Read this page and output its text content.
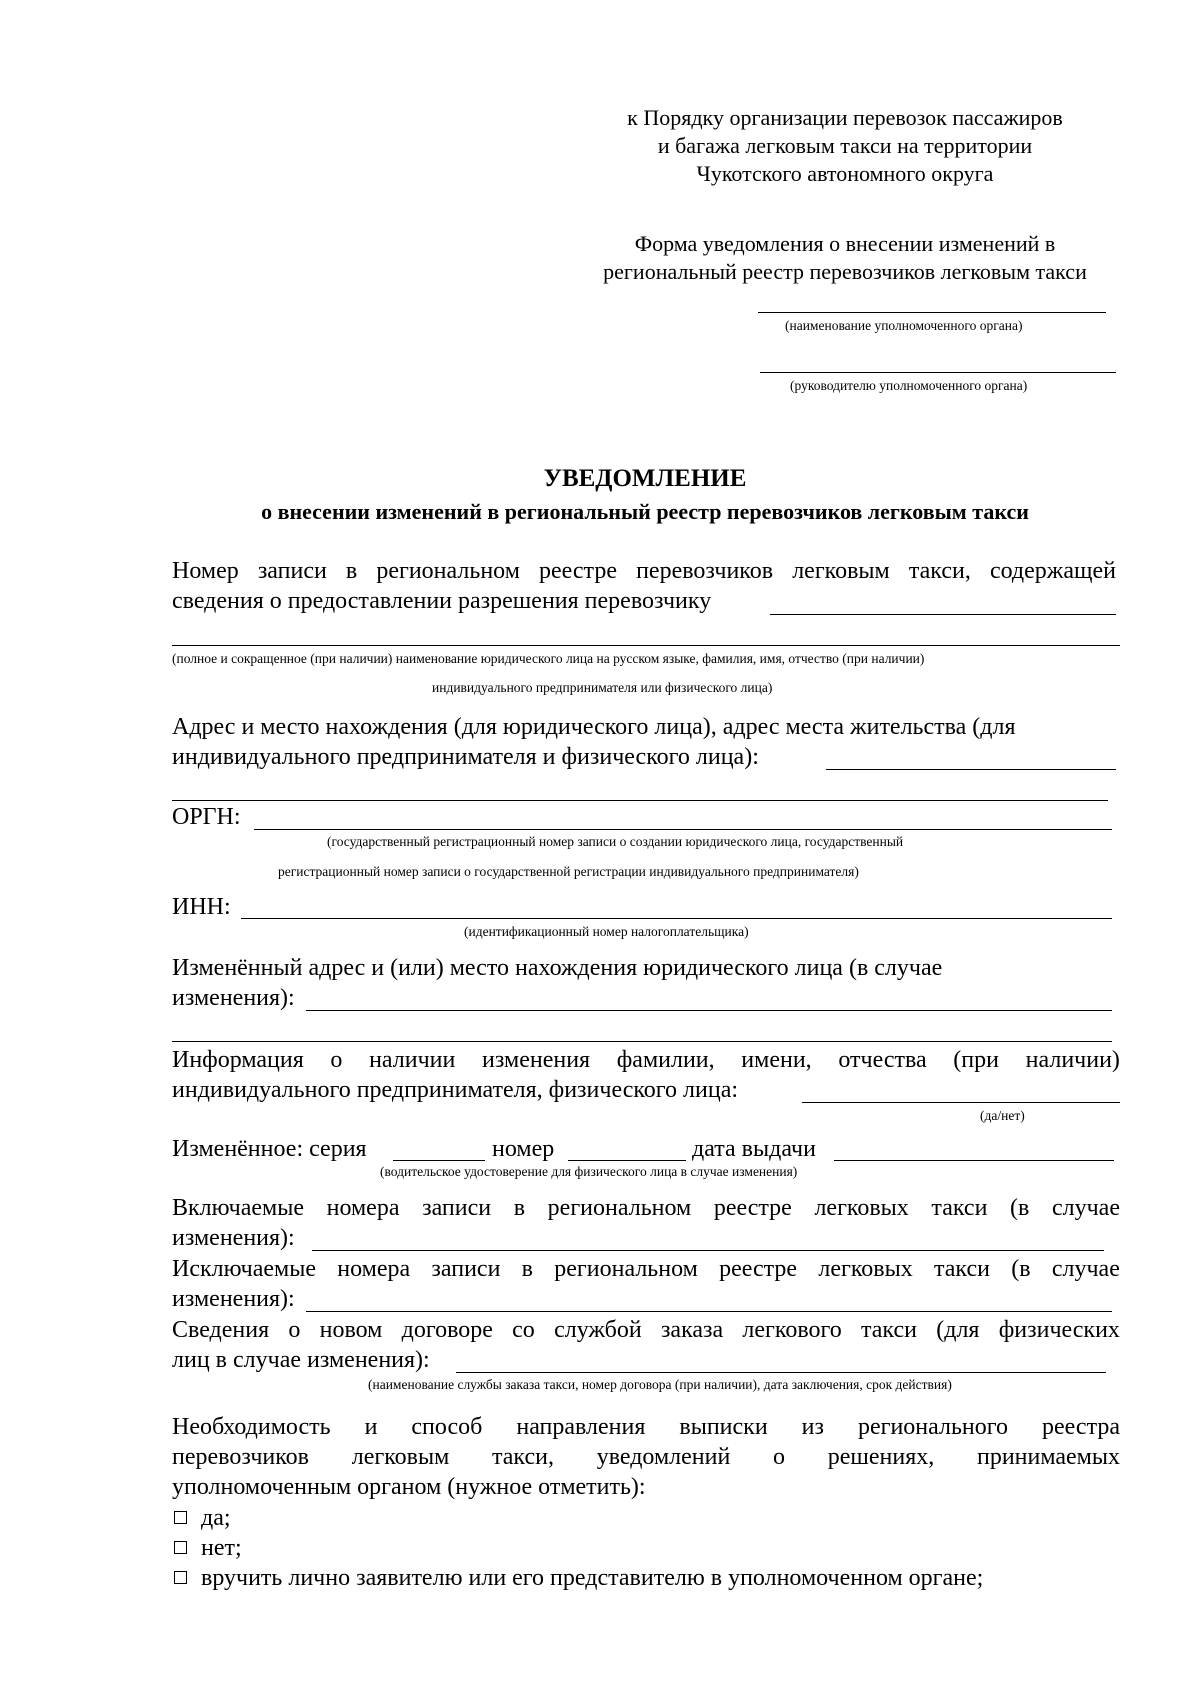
к Порядку организации перевозок пассажиров
и багажа легковым такси на территории
Чукотского автономного округа
Форма уведомления о внесении изменений в
региональный реестр перевозчиков легковым такси
(наименование уполномоченного органа)
(руководителю уполномоченного органа)
УВЕДОМЛЕНИЕ
о внесении изменений в региональный реестр перевозчиков легковым такси
Номер записи в региональном реестре перевозчиков легковым такси, содержащей
сведения о предоставлении разрешения перевозчику
(полное и сокращенное (при наличии) наименование юридического лица на русском языке, фамилия, имя, отчество (при наличии)
индивидуального предпринимателя или физического лица)
Адрес и место нахождения (для юридического лица), адрес места жительства (для
индивидуального предпринимателя и физического лица):
ОРГН:
(государственный регистрационный номер записи о создании юридического лица, государственный
регистрационный номер записи о государственной регистрации индивидуального предпринимателя)
ИНН:
(идентификационный номер налогоплательщика)
Изменённый адрес и (или) место нахождения юридического лица (в случае
изменения):
Информация о наличии изменения фамилии, имени, отчества (при наличии)
индивидуального предпринимателя, физического лица:
(да/нет)
Изменённое: серия	номер	дата выдачи
(водительское удостоверение для физического лица в случае изменения)
Включаемые номера записи в региональном реестре легковых такси (в случае
изменения):
Исключаемые номера записи в региональном реестре легковых такси (в случае
изменения):
Сведения о новом договоре со службой заказа легкового такси (для физических
лиц в случае изменения):
(наименование службы заказа такси, номер договора (при наличии), дата заключения, срок действия)
Необходимость и способ направления выписки из регионального реестра
перевозчиков легковым такси, уведомлений о решениях, принимаемых
уполномоченным органом (нужное отметить):
да;
нет;
вручить лично заявителю или его представителю в уполномоченном органе;
